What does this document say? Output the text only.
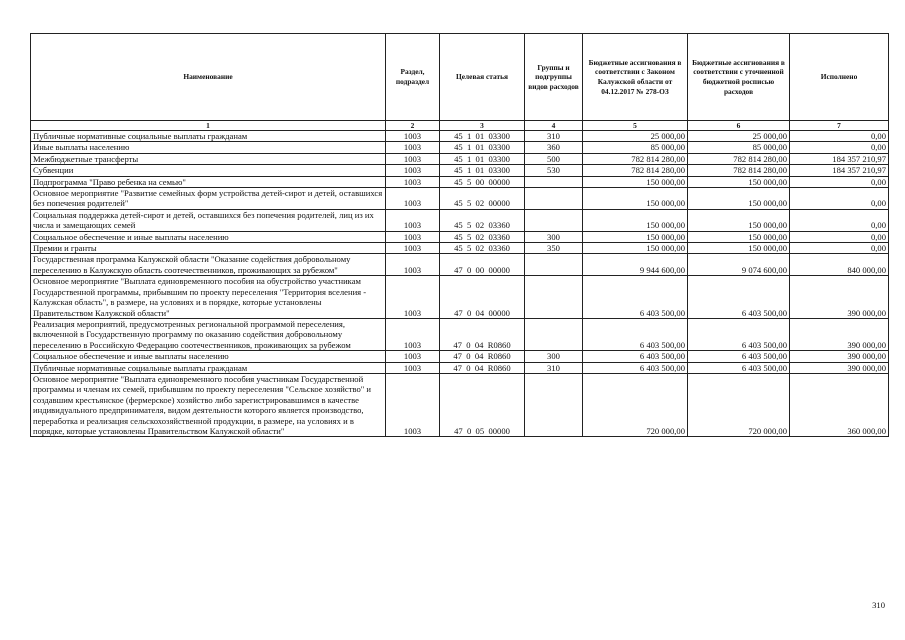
Наименование	Раздел, подраздел	Целевая статья	Группы и подгруппы видов расходов	Бюджетные ассигнования в соответствии с Законом Калужской области от 04.12.2017 № 278-ОЗ	Бюджетные ассигнования в соответствии с уточненной бюджетной росписью расходов	Исполнено
1	2	3	4	5	6	7
Публичные нормативные социальные выплаты гражданам	1003	45  1  01  03300	310	25 000,00	25 000,00	0,00
Иные выплаты населению	1003	45  1  01  03300	360	85 000,00	85 000,00	0,00
Межбюджетные трансферты	1003	45  1  01  03300	500	782 814 280,00	782 814 280,00	184 357 210,97
Субвенции	1003	45  1  01  03300	530	782 814 280,00	782 814 280,00	184 357 210,97
Подпрограмма "Право ребенка на семью"	1003	45  5  00  00000		150 000,00	150 000,00	0,00
Основное мероприятие "Развитие семейных форм устройства детей-сирот и детей, оставшихся без попечения родителей"	1003	45  5  02  00000		150 000,00	150 000,00	0,00
Социальная поддержка детей-сирот и детей, оставшихся без попечения родителей, лиц из их числа и замещающих семей	1003	45  5  02  03360		150 000,00	150 000,00	0,00
Социальное обеспечение и иные выплаты населению	1003	45  5  02  03360	300	150 000,00	150 000,00	0,00
Премии и гранты	1003	45  5  02  03360	350	150 000,00	150 000,00	0,00
Государственная программа Калужской области "Оказание содействия добровольному переселению в Калужскую область соотечественников, проживающих за рубежом"	1003	47  0  00  00000		9 944 600,00	9 074 600,00	840 000,00
Основное мероприятие "Выплата единовременного пособия на обустройство участникам Государственной программы, прибывшим по проекту переселения "Территория вселения - Калужская область", в размере, на условиях и в порядке, которые установлены Правительством Калужской области"	1003	47  0  04  00000		6 403 500,00	6 403 500,00	390 000,00
Реализация мероприятий, предусмотренных региональной программой переселения, включенной в Государственную программу по оказанию содействия добровольному переселению в Российскую Федерацию соотечественников, проживающих за рубежом	1003	47  0  04  R0860		6 403 500,00	6 403 500,00	390 000,00
Социальное обеспечение и иные выплаты населению	1003	47  0  04  R0860	300	6 403 500,00	6 403 500,00	390 000,00
Публичные нормативные социальные выплаты гражданам	1003	47  0  04  R0860	310	6 403 500,00	6 403 500,00	390 000,00
Основное мероприятие "Выплата единовременного пособия участникам Государственной программы и членам их семей, прибывшим по проекту переселения "Сельское хозяйство" и создавшим крестьянское (фермерское) хозяйство либо зарегистрировавшимся в качестве индивидуального предпринимателя, видом деятельности которого является производство, переработка и реализация сельскохозяйственной продукции, в размере, на условиях и в порядке, которые установлены Правительством Калужской области"	1003	47  0  05  00000		720 000,00	720 000,00	360 000,00
310
